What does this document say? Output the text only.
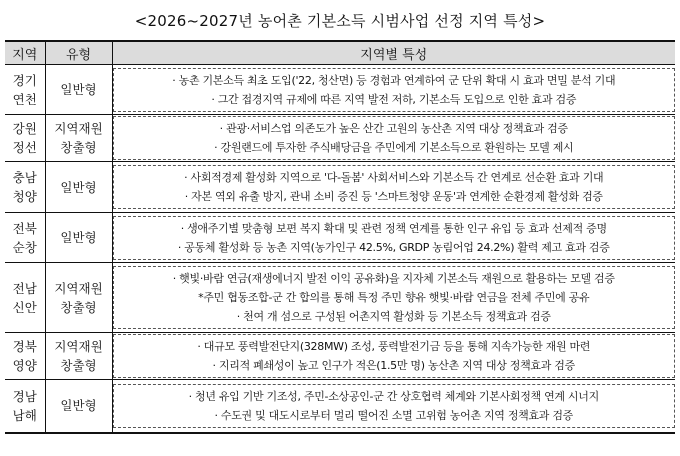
<2026~2027년 농어촌 기본소득 시범사업 선정 지역 특성>
지역	유형	지역별 특성

경기
연천	일반형	· 농촌 기본소득 최초 도입('22, 청산면) 등 경험과 연계하여 군 단위 확대 시 효과 면밀 분석 기대
· 그간 접경지역 규제에 따른 지역 발전 저하, 기본소득 도입으로 인한 효과 검증

강원
정선	지역재원
창출형	· 관광·서비스업 의존도가 높은 산간 고원의 농산촌 지역 대상 정책효과 검증
· 강원랜드에 투자한 주식배당금을 주민에게 기본소득으로 환원하는 모델 제시

충남
청양	일반형	· 사회적경제 활성화 지역으로 '다-돌봄' 사회서비스와 기본소득 간 연계로 선순환 효과 기대
· 자본 역외 유출 방지, 관내 소비 증진 등 '스마트청양 운동'과 연계한 순환경제 활성화 검증

전북
순창	일반형	· 생애주기별 맞춤형 보편 복지 확대 및 관련 정책 연계를 통한 인구 유입 등 효과 선제적 증명
· 공동체 활성화 등 농촌 지역(농가인구 42.5%, GRDP 농림어업 24.2%) 활력 제고 효과 검증

전남
신안	지역재원
창출형	· 햇빛·바람 연금(재생에너지 발전 이익 공유화)을 지자체 기본소득 재원으로 활용하는 모델 검증
*주민 협동조합-군 간 합의를 통해 특정 주민 향유 햇빛·바람 연금을 전체 주민에 공유
· 천여 개 섬으로 구성된 어촌지역 활성화 등 기본소득 정책효과 검증

경북
영양	지역재원
창출형	· 대규모 풍력발전단지(328MW) 조성, 풍력발전기금 등을 통해 지속가능한 재원 마련
· 지리적 폐쇄성이 높고 인구가 적은(1.5만 명) 농산촌 지역 대상 정책효과 검증

경남
남해	일반형	· 청년 유입 기반 기조성, 주민-소상공인-군 간 상호협력 체계와 기본사회정책 연계 시너지
· 수도권 및 대도시로부터 멀리 떨어진 소멸 고위험 농어촌 지역 정책효과 검증
